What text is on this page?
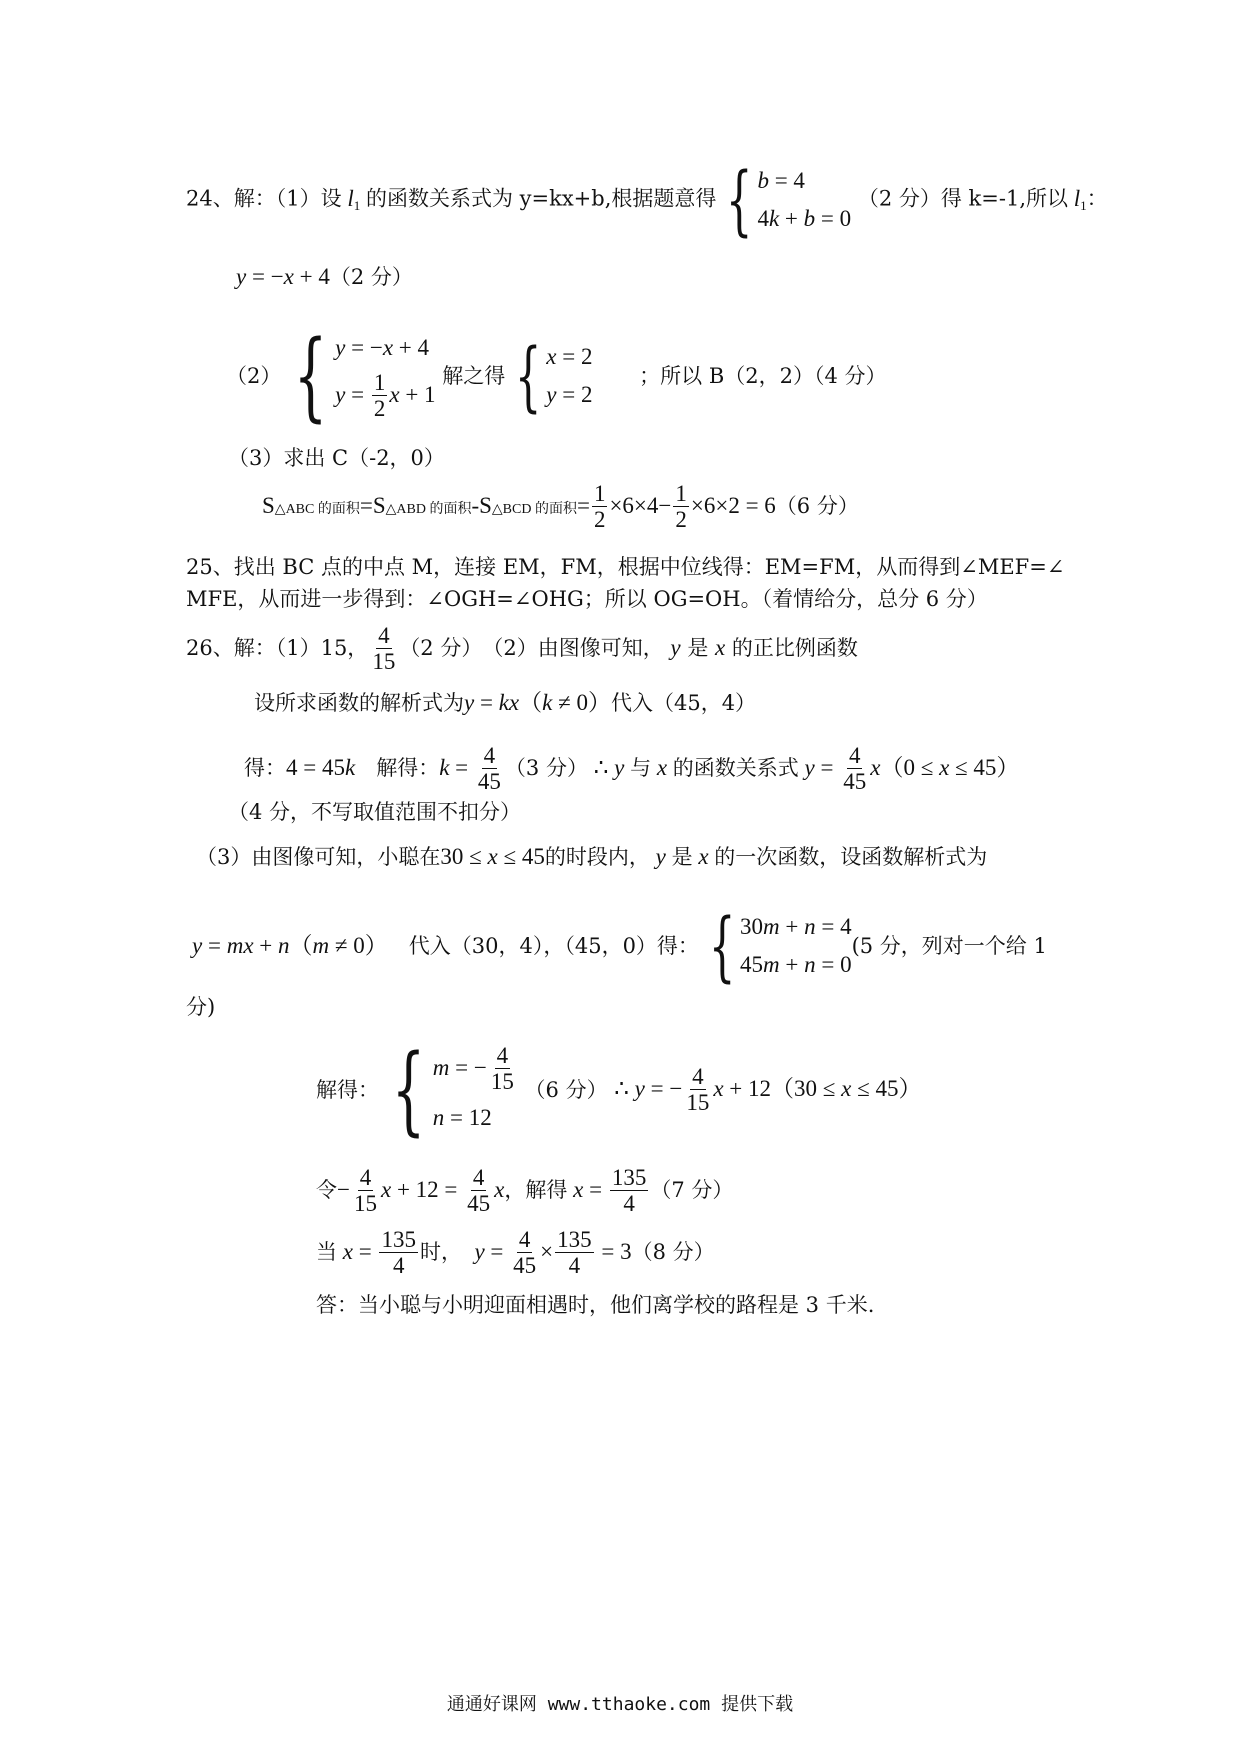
24、解：（1）设 $l_1$ 的函数关系式为 y=kx+b,根据题意得 { b = 4
4k + b = 0
（2 分）得 k=-1,所以 $l_1$：
y = −x + 4（2 分）
（2） { y = −x + 4
$y = \frac{1}{2}$ x + 1
解之得 { x = 2
y = 2
；所以 B（2，2）（4 分）
（3）求出 C（-2，0）
S△ABC 的面积=S△ABD 的面积-S△BCD 的面积= $\frac{1}{2} \times 6\times 4- \frac{1}{2} \times 6\times 2 = 6(6$ 分）
25、找出 BC 点的中点 M，连接 EM，FM，根据中位线得：EM=FM，从而得到∠MEF=∠
MFE，从而进一步得到：∠OGH=∠OHG；所以 OG=OH。（着情给分，总分 6 分）
26、解：（1）15， $\frac{4}{15} (2$ 分）　（2）由图像可知， y 是 x 的正比例函数
设所求函数的解析式为y = kx（k ≠ 0）代入（45，4）
得：4 = 45k　 解得：$k = \frac{4}{45} (3$ 分） ∴ y 与 x 的函数关系式 $y = \frac{4}{45} x(0 \le x \le 45)$
（4 分，不写取值范围不扣分）
（3）由图像可知，小聪在30 ≤ x ≤ 45的时段内， y 是 x 的一次函数，设函数解析式为
y = mx + n（m ≠ 0）　 代入（30，4），（45，0）得： { 30m + n = 4
45m + n = 0
(5 分，列对一个给 1
分)
解得： { m = − $\frac{4}{15}$
n = 12
（6 分） ∴ y = − $\frac{4}{15}$ x + 12（30 ≤ x ≤ 45）
令− $\frac{4}{15}$ $x + 12 = \frac{4}{45}$ x，解得 $x = \frac{135}{4} (7$ 分）
当 $x = \frac{135}{4}$ 时，　 $y = \frac{4}{45} \times \frac{135}{4} = 3(8$ 分）
答：当小聪与小明迎面相遇时，他们离学校的路程是 3 千米.
通通好课网 www.tthaoke.com 提供下载
